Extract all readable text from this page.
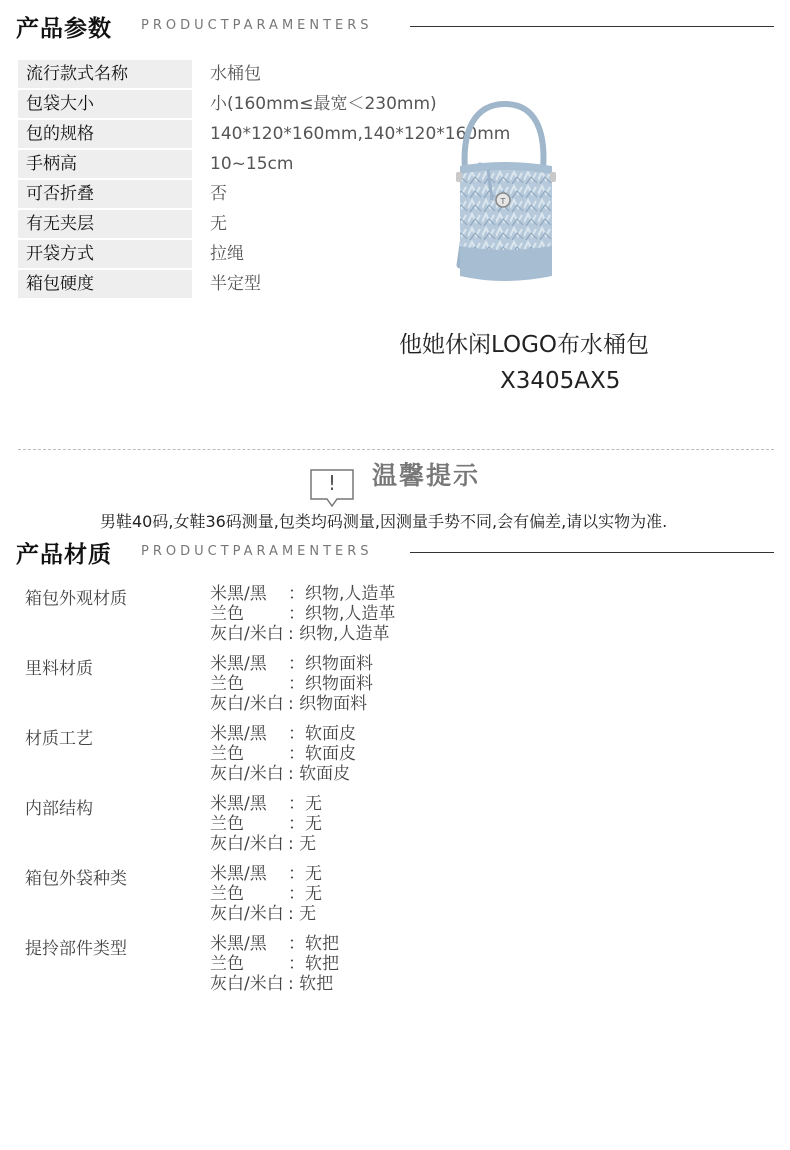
产品参数 PRODUCTPARAMENTERS
流行款式名称	水桶包
包袋大小	小(160mm≤最宽＜230mm)
包的规格	140*120*160mm,140*120*160mm
手柄高	10~15cm
可否折叠	否
有无夹层	无
开袋方式	拉绳
箱包硬度	半定型
T
他她休闲LOGO布水桶包
X3405AX5
!	温馨提示
男鞋40码,女鞋36码测量,包类均码测量,因测量手势不同,会有偏差,请以实物为准.
产品材质 PRODUCTPARAMENTERS
箱包外观材质	米黑/黑 ：织物,人造革
兰色	：织物,人造革
灰白/米白 : 织物,人造革
里料材质	米黑/黑 ：织物面料
兰色	：织物面料
灰白/米白 : 织物面料
材质工艺	米黑/黑 ：软面皮
兰色	：软面皮
灰白/米白 : 软面皮
内部结构	米黑/黑 ：无
兰色	：无
灰白/米白 : 无
箱包外袋种类	米黑/黑 ：无
兰色	：无
灰白/米白 : 无
提拎部件类型	米黑/黑 ：软把
兰色	：软把
灰白/米白 : 软把
